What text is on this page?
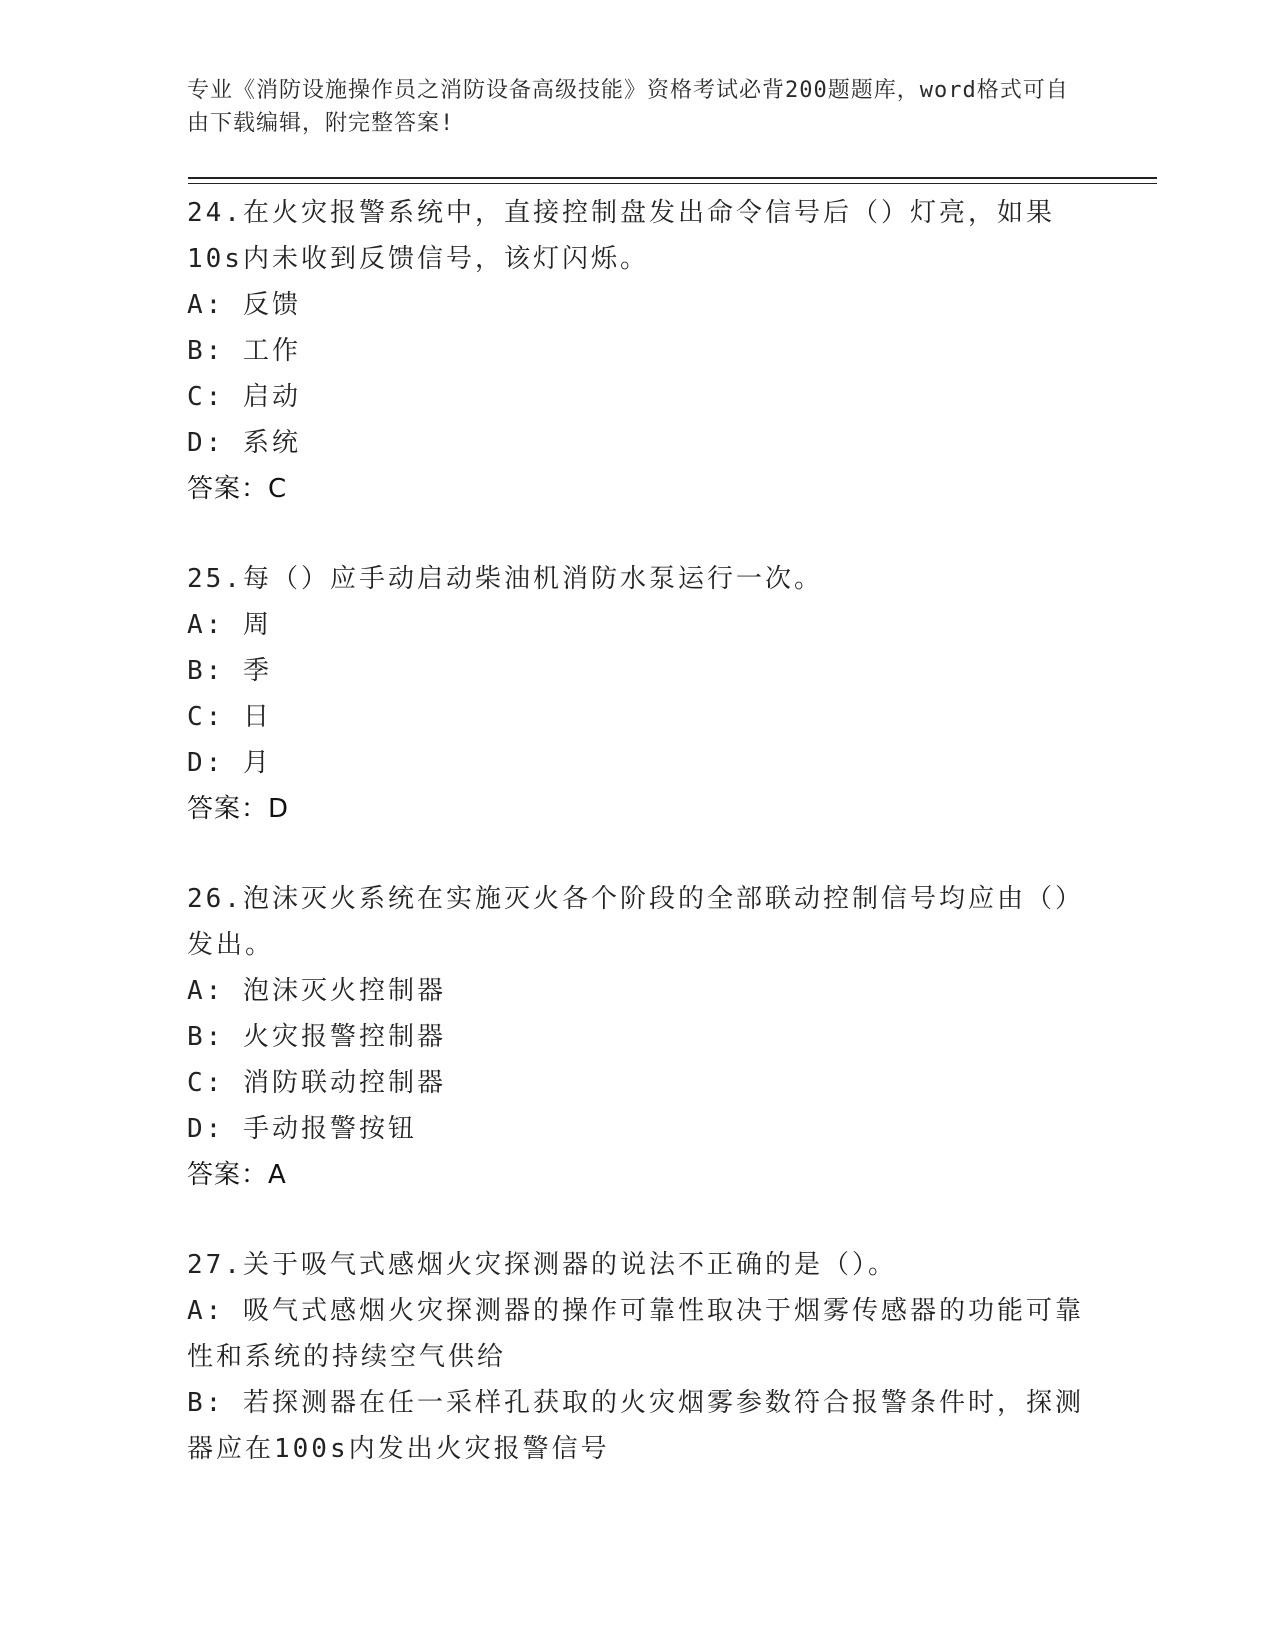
专业《消防设施操作员之消防设备高级技能》资格考试必背200题题库，word格式可自由下载编辑，附完整答案!
24.在火灾报警系统中，直接控制盘发出命令信号后（）灯亮，如果10s内未收到反馈信号，该灯闪烁。
A: 反馈
B: 工作
C: 启动
D: 系统
答案：C
25.每（）应手动启动柴油机消防水泵运行一次。
A: 周
B: 季
C: 日
D: 月
答案：D
26.泡沫灭火系统在实施灭火各个阶段的全部联动控制信号均应由（）发出。
A: 泡沫灭火控制器
B: 火灾报警控制器
C: 消防联动控制器
D: 手动报警按钮
答案：A
27.关于吸气式感烟火灾探测器的说法不正确的是（）。
A: 吸气式感烟火灾探测器的操作可靠性取决于烟雾传感器的功能可靠性和系统的持续空气供给
B: 若探测器在任一采样孔获取的火灾烟雾参数符合报警条件时，探测器应在100s内发出火灾报警信号
